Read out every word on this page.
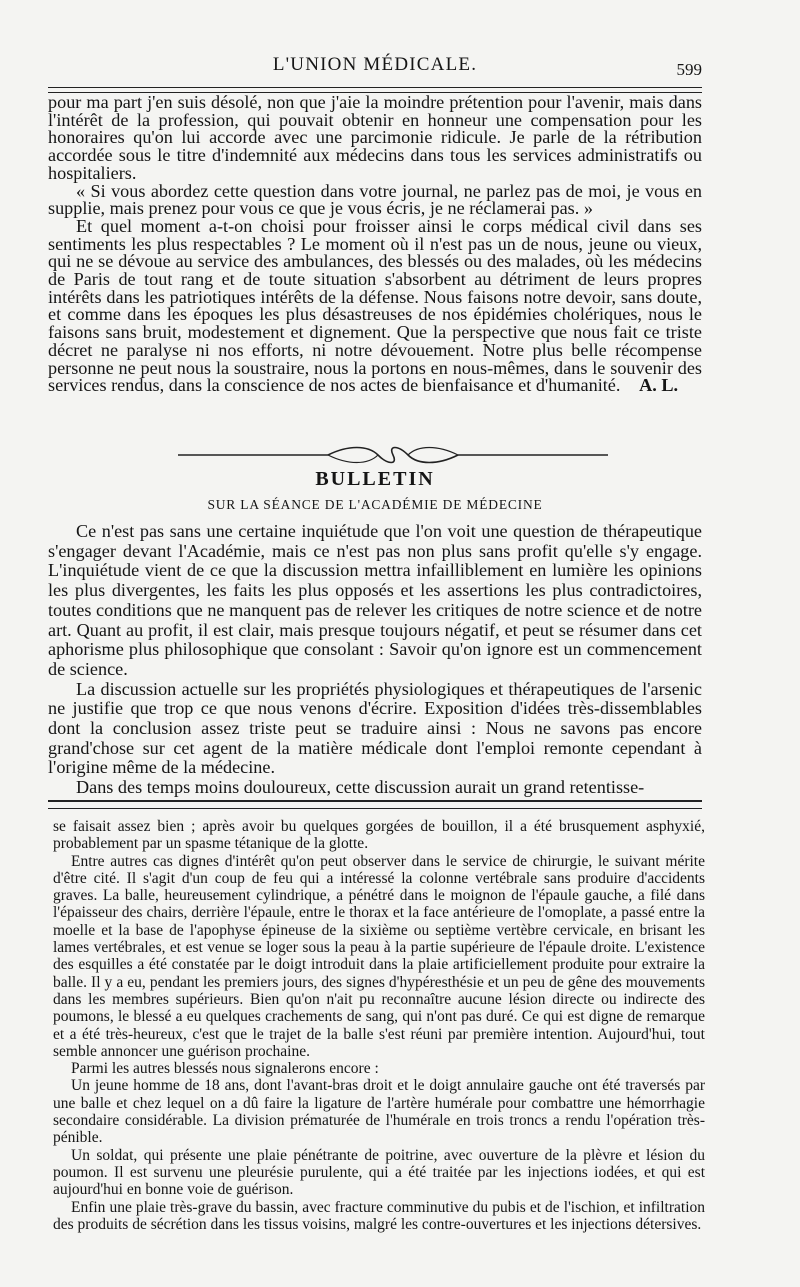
L'UNION MÉDICALE.	599

pour ma part j'en suis désolé, non que j'aie la moindre prétention pour l'avenir, mais dans l'intérêt de la profession, qui pouvait obtenir en honneur une compensation pour les honoraires qu'on lui accorde avec une parcimonie ridicule. Je parle de la rétribution accordée sous le titre d'indemnité aux médecins dans tous les services administratifs ou hospitaliers.

« Si vous abordez cette question dans votre journal, ne parlez pas de moi, je vous en supplie, mais prenez pour vous ce que je vous écris, je ne réclamerai pas. »

Et quel moment a-t-on choisi pour froisser ainsi le corps médical civil dans ses sentiments les plus respectables ? Le moment où il n'est pas un de nous, jeune ou vieux, qui ne se dévoue au service des ambulances, des blessés ou des malades, où les médecins de Paris de tout rang et de toute situation s'absorbent au détriment de leurs propres intérêts dans les patriotiques intérêts de la défense. Nous faisons notre devoir, sans doute, et comme dans les époques les plus désastreuses de nos épidémies cholériques, nous le faisons sans bruit, modestement et dignement. Que la perspective que nous fait ce triste décret ne paralyse ni nos efforts, ni notre dévouement. Notre plus belle récompense personne ne peut nous la soustraire, nous la portons en nous-mêmes, dans le souvenir des services rendus, dans la conscience de nos actes de bienfaisance et d'humanité.	A. L.
BULLETIN
SUR LA SÉANCE DE L'ACADÉMIE DE MÉDECINE

Ce n'est pas sans une certaine inquiétude que l'on voit une question de thérapeutique s'engager devant l'Académie, mais ce n'est pas non plus sans profit qu'elle s'y engage. L'inquiétude vient de ce que la discussion mettra infailliblement en lumière les opinions les plus divergentes, les faits les plus opposés et les assertions les plus contradictoires, toutes conditions que ne manquent pas de relever les critiques de notre science et de notre art. Quant au profit, il est clair, mais presque toujours négatif, et peut se résumer dans cet aphorisme plus philosophique que consolant : Savoir qu'on ignore est un commencement de science.

La discussion actuelle sur les propriétés physiologiques et thérapeutiques de l'arsenic ne justifie que trop ce que nous venons d'écrire. Exposition d'idées très-dissemblables dont la conclusion assez triste peut se traduire ainsi : Nous ne savons pas encore grand'chose sur cet agent de la matière médicale dont l'emploi remonte cependant à l'origine même de la médecine.

Dans des temps moins douloureux, cette discussion aurait un grand retentisse-

se faisait assez bien ; après avoir bu quelques gorgées de bouillon, il a été brusquement asphyxié, probablement par un spasme tétanique de la glotte.

Entre autres cas dignes d'intérêt qu'on peut observer dans le service de chirurgie, le suivant mérite d'être cité. Il s'agit d'un coup de feu qui a intéressé la colonne vertébrale sans produire d'accidents graves. La balle, heureusement cylindrique, a pénétré dans le moignon de l'épaule gauche, a filé dans l'épaisseur des chairs, derrière l'épaule, entre le thorax et la face antérieure de l'omoplate, a passé entre la moelle et la base de l'apophyse épineuse de la sixième ou septième vertèbre cervicale, en brisant les lames vertébrales, et est venue se loger sous la peau à la partie supérieure de l'épaule droite. L'existence des esquilles a été constatée par le doigt introduit dans la plaie artificiellement produite pour extraire la balle. Il y a eu, pendant les premiers jours, des signes d'hypéresthésie et un peu de gêne des mouvements dans les membres supérieurs. Bien qu'on n'ait pu reconnaître aucune lésion directe ou indirecte des poumons, le blessé a eu quelques crachements de sang, qui n'ont pas duré. Ce qui est digne de remarque et a été très-heureux, c'est que le trajet de la balle s'est réuni par première intention. Aujourd'hui, tout semble annoncer une guérison prochaine.

Parmi les autres blessés nous signalerons encore :

Un jeune homme de 18 ans, dont l'avant-bras droit et le doigt annulaire gauche ont été traversés par une balle et chez lequel on a dû faire la ligature de l'artère humérale pour combattre une hémorrhagie secondaire considérable. La division prématurée de l'humérale en trois troncs a rendu l'opération très-pénible.

Un soldat, qui présente une plaie pénétrante de poitrine, avec ouverture de la plèvre et lésion du poumon. Il est survenu une pleurésie purulente, qui a été traitée par les injections iodées, et qui est aujourd'hui en bonne voie de guérison.

Enfin une plaie très-grave du bassin, avec fracture comminutive du pubis et de l'ischion, et infiltration des produits de sécrétion dans les tissus voisins, malgré les contre-ouvertures et les injections détersives.
